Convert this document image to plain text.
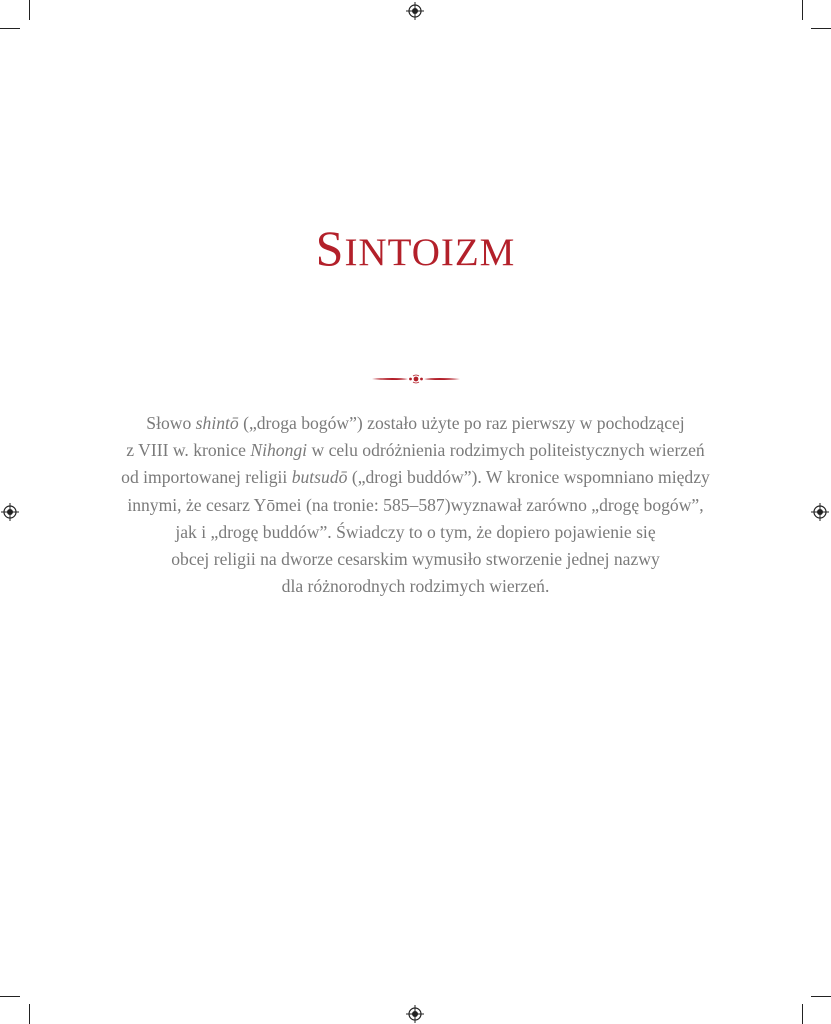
SINTOIZM
Słowo shintō („droga bogów”) zostało użyte po raz pierwszy w pochodzącej
z VIII w. kronice Nihongi w celu odróżnienia rodzimych politeistycznych wierzeń
od importowanej religii butsudō („drogi buddów”). W kronice wspomniano między
innymi, że cesarz Yōmei (na tronie: 585–587)wyznawał zarówno „drogę bogów”,
jak i „drogę buddów”. Świadczy to o tym, że dopiero pojawienie się
obcej religii na dworze cesarskim wymusiło stworzenie jednej nazwy
dla różnorodnych rodzimych wierzeń.
